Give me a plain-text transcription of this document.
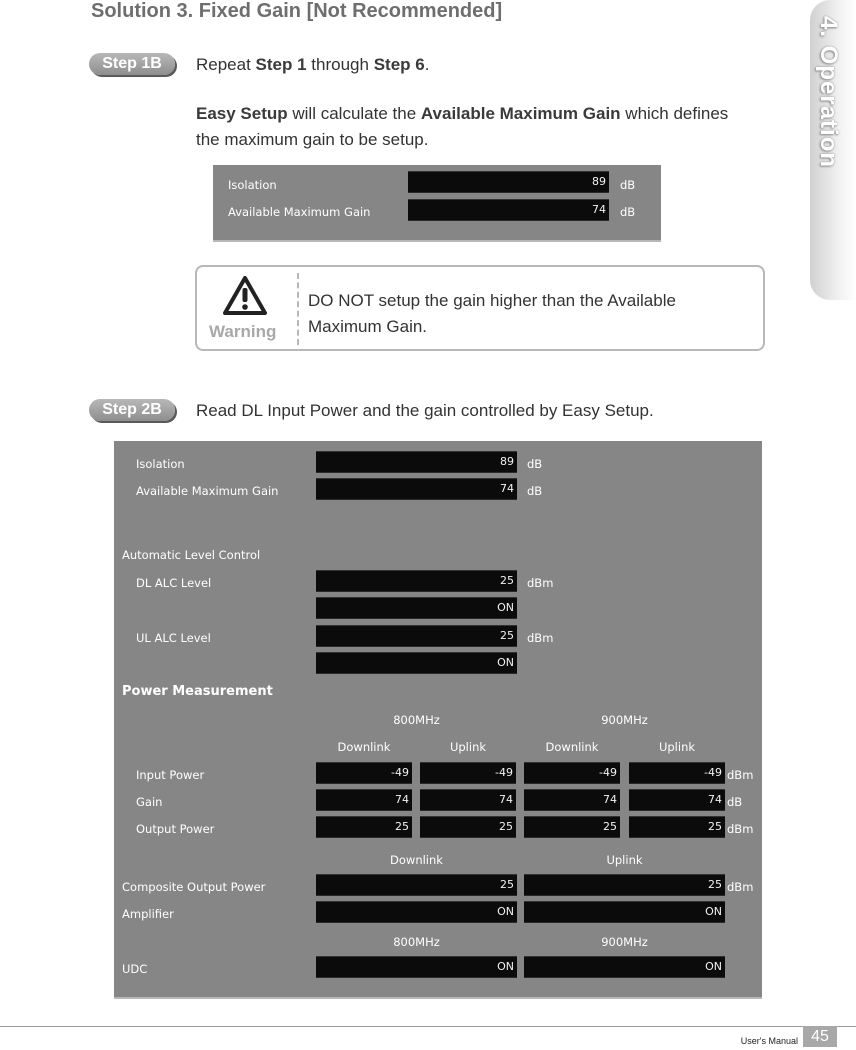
Solution 3. Fixed Gain [Not Recommended]
4. Operation
Step 1B	Repeat Step 1 through Step 6.
Easy Setup will calculate the Available Maximum Gain which defines
the maximum gain to be setup.
Isolation	89 dB
Available Maximum Gain	74 dB
Warning
DO NOT setup the gain higher than the Available
Maximum Gain.
Step 2B	Read DL Input Power and the gain controlled by Easy Setup.
Isolation	89 dB
Available Maximum Gain	74 dB
Automatic Level Control
DL ALC Level	25 dBm
ON
UL ALC Level	25 dBm
ON
Power Measurement
800MHz	900MHz
Downlink	Uplink	Downlink	Uplink
Input Power	-49	-49	-49	-49 dBm
Gain	74	74	74	74 dB
Output Power	25	25	25	25 dBm
Downlink	Uplink
Composite Output Power	25	25 dBm
Amplifier	ON	ON
800MHz	900MHz
UDC	ON	ON
User's Manual 45
